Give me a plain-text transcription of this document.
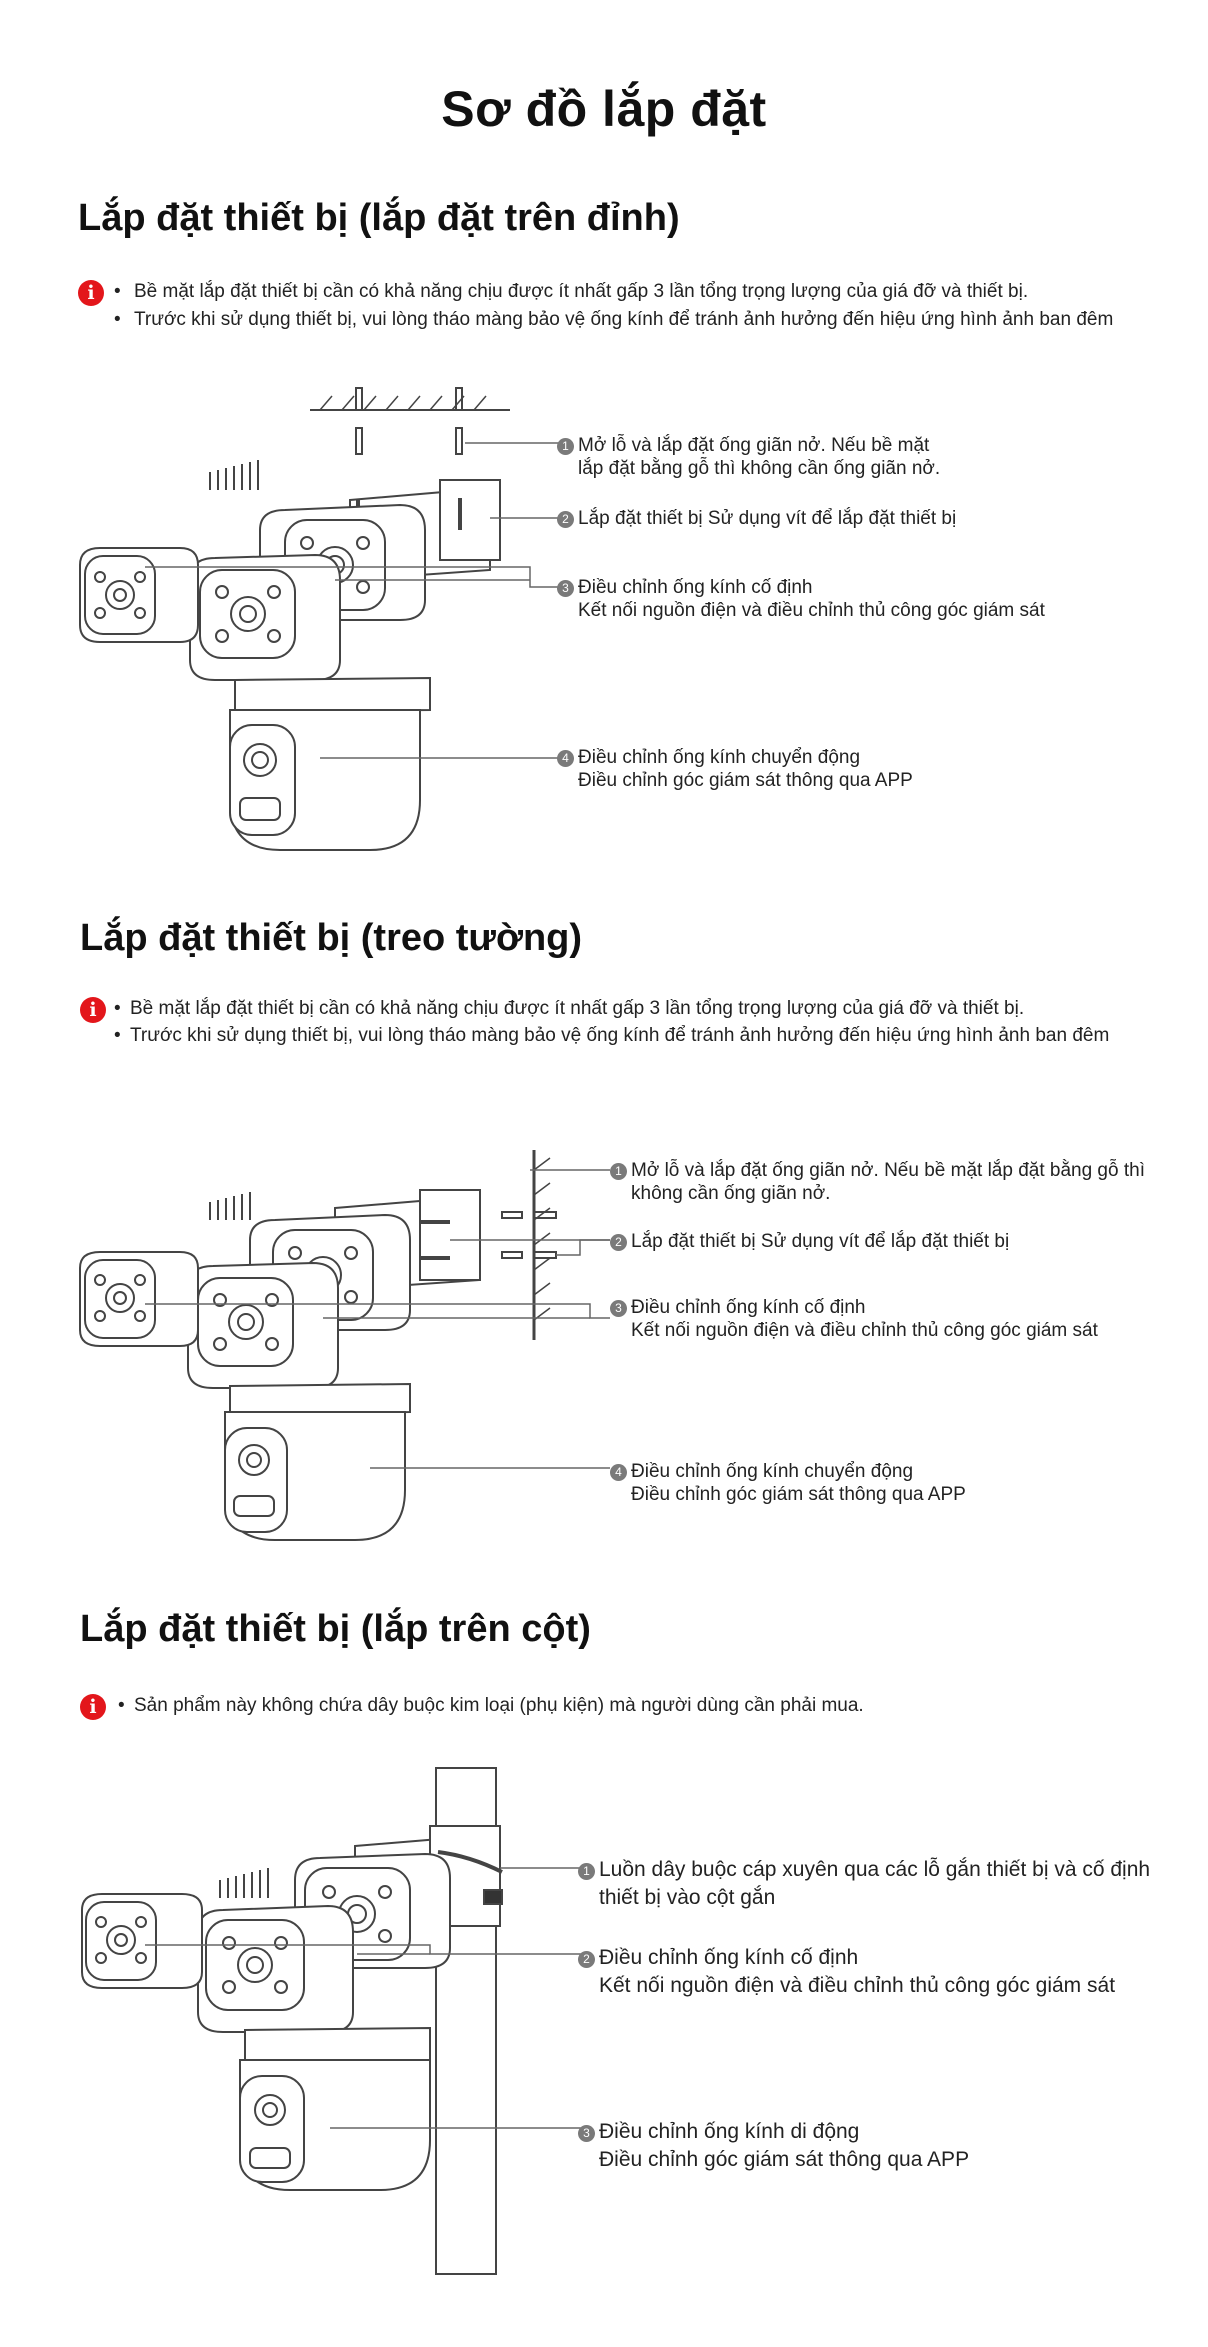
Sơ đồ lắp đặt
Lắp đặt thiết bị (lắp đặt trên đỉnh)
i	• Bề mặt lắp đặt thiết bị cần có khả năng chịu được ít nhất gấp 3 lần tổng trọng lượng của giá đỡ và thiết bị.
• Trước khi sử dụng thiết bị, vui lòng tháo màng bảo vệ ống kính để tránh ảnh hưởng đến hiệu ứng hình ảnh ban đêm
1 Mở lỗ và lắp đặt ống giãn nở. Nếu bề mặt
lắp đặt bằng gỗ thì không cần ống giãn nở.
2 Lắp đặt thiết bị Sử dụng vít để lắp đặt thiết bị
3 Điều chỉnh ống kính cố định
Kết nối nguồn điện và điều chỉnh thủ công góc giám sát
4 Điều chỉnh ống kính chuyển động
Điều chỉnh góc giám sát thông qua APP
Lắp đặt thiết bị (treo tường)
i • Bề mặt lắp đặt thiết bị cần có khả năng chịu được ít nhất gấp 3 lần tổng trọng lượng của giá đỡ và thiết bị.
• Trước khi sử dụng thiết bị, vui lòng tháo màng bảo vệ ống kính để tránh ảnh hưởng đến hiệu ứng hình ảnh ban đêm
1 Mở lỗ và lắp đặt ống giãn nở. Nếu bề mặt lắp đặt bằng gỗ thì
không cần ống giãn nở.
2 Lắp đặt thiết bị Sử dụng vít để lắp đặt thiết bị
3 Điều chỉnh ống kính cố định
Kết nối nguồn điện và điều chỉnh thủ công góc giám sát
4 Điều chỉnh ống kính chuyển động
Điều chỉnh góc giám sát thông qua APP
Lắp đặt thiết bị (lắp trên cột)
i	• Sản phẩm này không chứa dây buộc kim loại (phụ kiện) mà người dùng cần phải mua.
1 Luồn dây buộc cáp xuyên qua các lỗ gắn thiết bị và cố định
thiết bị vào cột gắn
2 Điều chỉnh ống kính cố định
Kết nối nguồn điện và điều chỉnh thủ công góc giám sát
3 Điều chỉnh ống kính di động
Điều chỉnh góc giám sát thông qua APP
